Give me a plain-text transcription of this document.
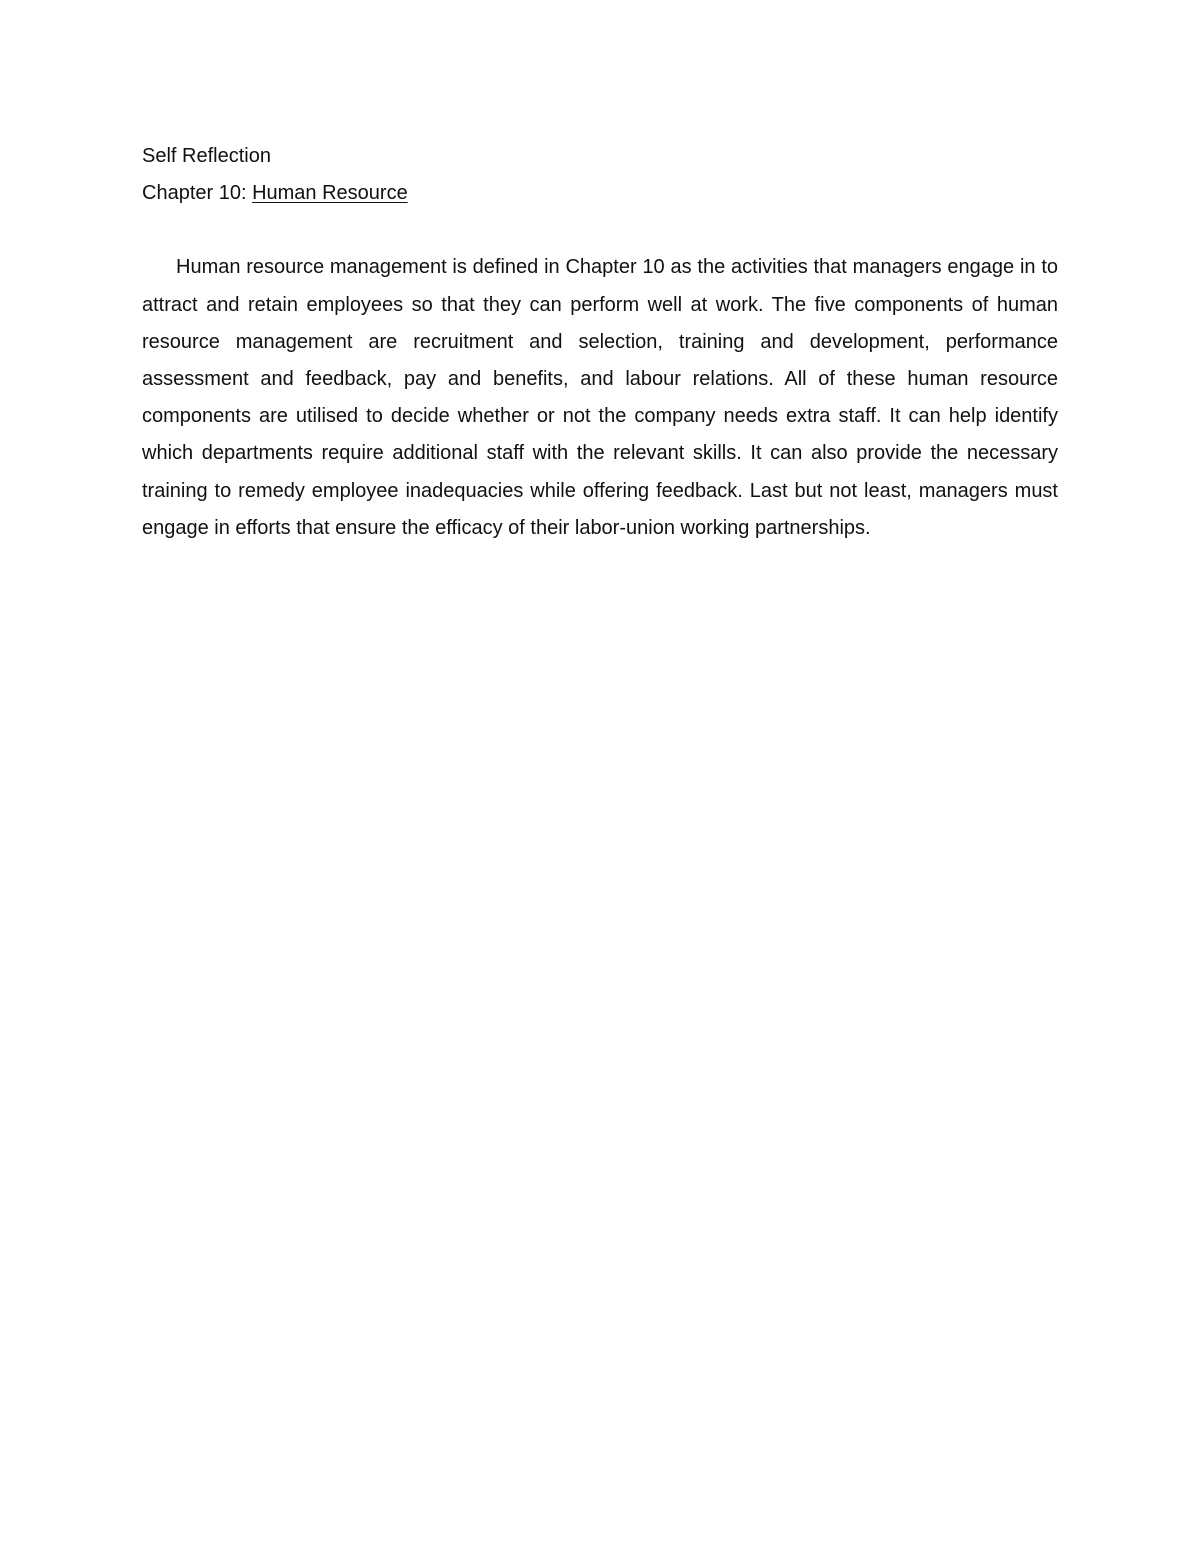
Self Reflection

Chapter 10: Human Resource

Human resource management is defined in Chapter 10 as the activities that managers engage in to attract and retain employees so that they can perform well at work. The five components of human resource management are recruitment and selection, training and development, performance assessment and feedback, pay and benefits, and labour relations. All of these human resource components are utilised to decide whether or not the company needs extra staff. It can help identify which departments require additional staff with the relevant skills. It can also provide the necessary training to remedy employee inadequacies while offering feedback. Last but not least, managers must engage in efforts that ensure the efficacy of their labor-union working partnerships.
